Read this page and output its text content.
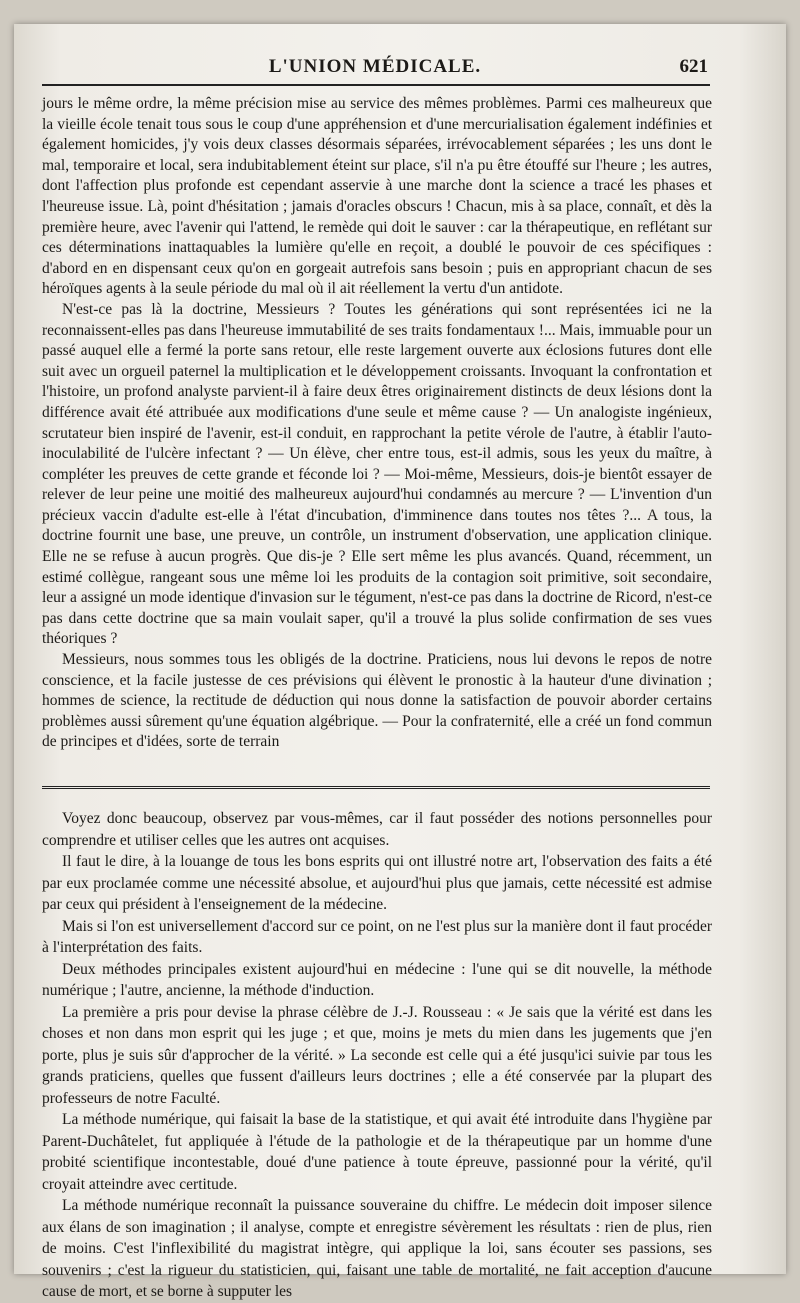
L'UNION MÉDICALE.	621

jours le même ordre, la même précision mise au service des mêmes problèmes. Parmi ces malheureux que la vieille école tenait tous sous le coup d'une appréhension et d'une mercurialisation également indéfinies et également homicides, j'y vois deux classes désormais séparées, irrévocablement séparées ; les uns dont le mal, temporaire et local, sera indubitablement éteint sur place, s'il n'a pu être étouffé sur l'heure ; les autres, dont l'affection plus profonde est cependant asservie à une marche dont la science a tracé les phases et l'heureuse issue. Là, point d'hésitation ; jamais d'oracles obscurs ! Chacun, mis à sa place, connaît, et dès la première heure, avec l'avenir qui l'attend, le remède qui doit le sauver : car la thérapeutique, en reflétant sur ces déterminations inattaquables la lumière qu'elle en reçoit, a doublé le pouvoir de ces spécifiques : d'abord en en dispensant ceux qu'on en gorgeait autrefois sans besoin ; puis en appropriant chacun de ses héroïques agents à la seule période du mal où il ait réellement la vertu d'un antidote.

N'est-ce pas là la doctrine, Messieurs ? Toutes les générations qui sont représentées ici ne la reconnaissent-elles pas dans l'heureuse immutabilité de ses traits fondamentaux !... Mais, immuable pour un passé auquel elle a fermé la porte sans retour, elle reste largement ouverte aux éclosions futures dont elle suit avec un orgueil paternel la multiplication et le développement croissants. Invoquant la confrontation et l'histoire, un profond analyste parvient-il à faire deux êtres originairement distincts de deux lésions dont la différence avait été attribuée aux modifications d'une seule et même cause ? — Un analogiste ingénieux, scrutateur bien inspiré de l'avenir, est-il conduit, en rapprochant la petite vérole de l'autre, à établir l'auto-inoculabilité de l'ulcère infectant ? — Un élève, cher entre tous, est-il admis, sous les yeux du maître, à compléter les preuves de cette grande et féconde loi ? — Moi-même, Messieurs, dois-je bientôt essayer de relever de leur peine une moitié des malheureux aujourd'hui condamnés au mercure ? — L'invention d'un précieux vaccin d'adulte est-elle à l'état d'incubation, d'imminence dans toutes nos têtes ?... A tous, la doctrine fournit une base, une preuve, un contrôle, un instrument d'observation, une application clinique. Elle ne se refuse à aucun progrès. Que dis-je ? Elle sert même les plus avancés. Quand, récemment, un estimé collègue, rangeant sous une même loi les produits de la contagion soit primitive, soit secondaire, leur a assigné un mode identique d'invasion sur le tégument, n'est-ce pas dans la doctrine de Ricord, n'est-ce pas dans cette doctrine que sa main voulait saper, qu'il a trouvé la plus solide confirmation de ses vues théoriques ?

Messieurs, nous sommes tous les obligés de la doctrine. Praticiens, nous lui devons le repos de notre conscience, et la facile justesse de ces prévisions qui élèvent le pronostic à la hauteur d'une divination ; hommes de science, la rectitude de déduction qui nous donne la satisfaction de pouvoir aborder certains problèmes aussi sûrement qu'une équation algébrique. — Pour la confraternité, elle a créé un fond commun de principes et d'idées, sorte de terrain

Voyez donc beaucoup, observez par vous-mêmes, car il faut posséder des notions personnelles pour comprendre et utiliser celles que les autres ont acquises.

Il faut le dire, à la louange de tous les bons esprits qui ont illustré notre art, l'observation des faits a été par eux proclamée comme une nécessité absolue, et aujourd'hui plus que jamais, cette nécessité est admise par ceux qui président à l'enseignement de la médecine.

Mais si l'on est universellement d'accord sur ce point, on ne l'est plus sur la manière dont il faut procéder à l'interprétation des faits.

Deux méthodes principales existent aujourd'hui en médecine : l'une qui se dit nouvelle, la méthode numérique ; l'autre, ancienne, la méthode d'induction.

La première a pris pour devise la phrase célèbre de J.-J. Rousseau : « Je sais que la vérité est dans les choses et non dans mon esprit qui les juge ; et que, moins je mets du mien dans les jugements que j'en porte, plus je suis sûr d'approcher de la vérité. » La seconde est celle qui a été jusqu'ici suivie par tous les grands praticiens, quelles que fussent d'ailleurs leurs doctrines ; elle a été conservée par la plupart des professeurs de notre Faculté.

La méthode numérique, qui faisait la base de la statistique, et qui avait été introduite dans l'hygiène par Parent-Duchâtelet, fut appliquée à l'étude de la pathologie et de la thérapeutique par un homme d'une probité scientifique incontestable, doué d'une patience à toute épreuve, passionné pour la vérité, qu'il croyait atteindre avec certitude.

La méthode numérique reconnaît la puissance souveraine du chiffre. Le médecin doit imposer silence aux élans de son imagination ; il analyse, compte et enregistre sévèrement les résultats : rien de plus, rien de moins. C'est l'inflexibilité du magistrat intègre, qui applique la loi, sans écouter ses passions, ses souvenirs ; c'est la rigueur du statisticien, qui, faisant une table de mortalité, ne fait acception d'aucune cause de mort, et se borne à supputer les
